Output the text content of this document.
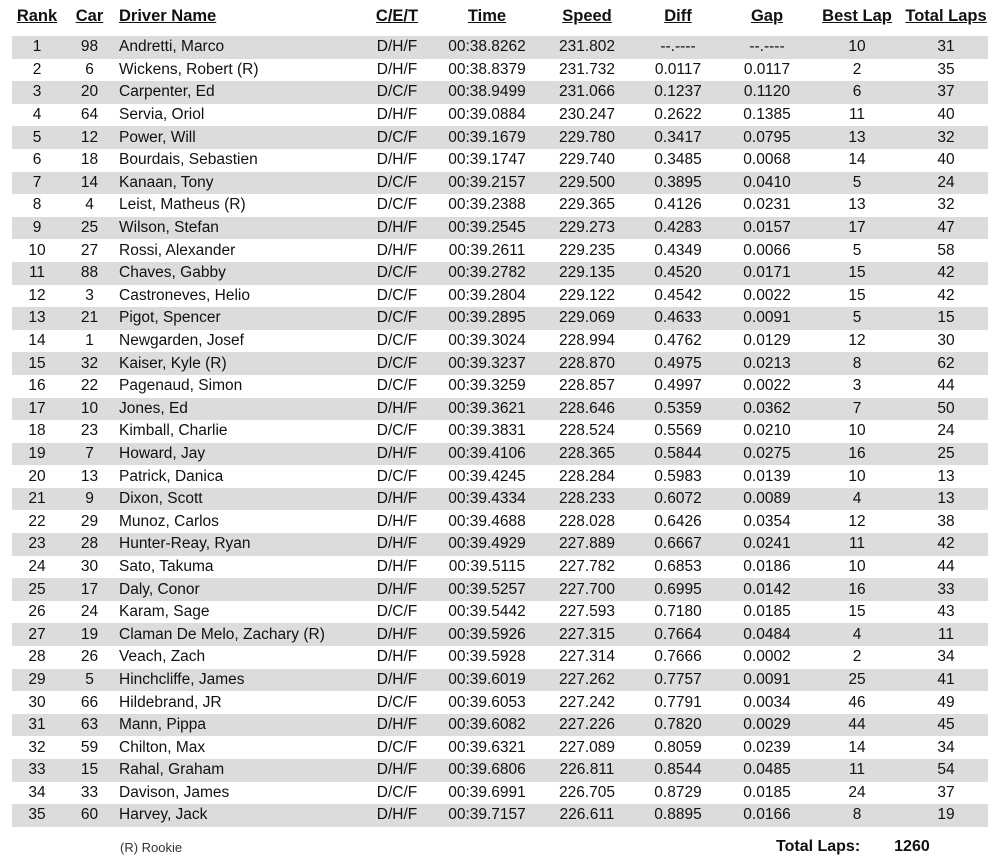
Rank	Car	Driver Name	C/E/T	Time	Speed	Diff	Gap	Best Lap	Total Laps

1	98	Andretti, Marco	D/H/F	00:38.8262	231.802	--.----	--.----	10	31
2	6	Wickens, Robert (R)	D/H/F	00:38.8379	231.732	0.0117	0.0117	2	35
3	20	Carpenter, Ed	D/C/F	00:38.9499	231.066	0.1237	0.1120	6	37
4	64	Servia, Oriol	D/H/F	00:39.0884	230.247	0.2622	0.1385	11	40
5	12	Power, Will	D/C/F	00:39.1679	229.780	0.3417	0.0795	13	32
6	18	Bourdais, Sebastien	D/H/F	00:39.1747	229.740	0.3485	0.0068	14	40
7	14	Kanaan, Tony	D/C/F	00:39.2157	229.500	0.3895	0.0410	5	24
8	4	Leist, Matheus (R)	D/C/F	00:39.2388	229.365	0.4126	0.0231	13	32
9	25	Wilson, Stefan	D/H/F	00:39.2545	229.273	0.4283	0.0157	17	47
10	27	Rossi, Alexander	D/H/F	00:39.2611	229.235	0.4349	0.0066	5	58
11	88	Chaves, Gabby	D/C/F	00:39.2782	229.135	0.4520	0.0171	15	42
12	3	Castroneves, Helio	D/C/F	00:39.2804	229.122	0.4542	0.0022	15	42
13	21	Pigot, Spencer	D/C/F	00:39.2895	229.069	0.4633	0.0091	5	15
14	1	Newgarden, Josef	D/C/F	00:39.3024	228.994	0.4762	0.0129	12	30
15	32	Kaiser, Kyle (R)	D/C/F	00:39.3237	228.870	0.4975	0.0213	8	62
16	22	Pagenaud, Simon	D/C/F	00:39.3259	228.857	0.4997	0.0022	3	44
17	10	Jones, Ed	D/H/F	00:39.3621	228.646	0.5359	0.0362	7	50
18	23	Kimball, Charlie	D/C/F	00:39.3831	228.524	0.5569	0.0210	10	24
19	7	Howard, Jay	D/H/F	00:39.4106	228.365	0.5844	0.0275	16	25
20	13	Patrick, Danica	D/C/F	00:39.4245	228.284	0.5983	0.0139	10	13
21	9	Dixon, Scott	D/H/F	00:39.4334	228.233	0.6072	0.0089	4	13
22	29	Munoz, Carlos	D/H/F	00:39.4688	228.028	0.6426	0.0354	12	38
23	28	Hunter-Reay, Ryan	D/H/F	00:39.4929	227.889	0.6667	0.0241	11	42
24	30	Sato, Takuma	D/H/F	00:39.5115	227.782	0.6853	0.0186	10	44
25	17	Daly, Conor	D/H/F	00:39.5257	227.700	0.6995	0.0142	16	33
26	24	Karam, Sage	D/C/F	00:39.5442	227.593	0.7180	0.0185	15	43
27	19	Claman De Melo, Zachary (R)	D/H/F	00:39.5926	227.315	0.7664	0.0484	4	11
28	26	Veach, Zach	D/H/F	00:39.5928	227.314	0.7666	0.0002	2	34
29	5	Hinchcliffe, James	D/H/F	00:39.6019	227.262	0.7757	0.0091	25	41
30	66	Hildebrand, JR	D/C/F	00:39.6053	227.242	0.7791	0.0034	46	49
31	63	Mann, Pippa	D/H/F	00:39.6082	227.226	0.7820	0.0029	44	45
32	59	Chilton, Max	D/C/F	00:39.6321	227.089	0.8059	0.0239	14	34
33	15	Rahal, Graham	D/H/F	00:39.6806	226.811	0.8544	0.0485	11	54
34	33	Davison, James	D/C/F	00:39.6991	226.705	0.8729	0.0185	24	37
35	60	Harvey, Jack	D/H/F	00:39.7157	226.611	0.8895	0.0166	8	19
(R) Rookie	Total Laps: 1260
